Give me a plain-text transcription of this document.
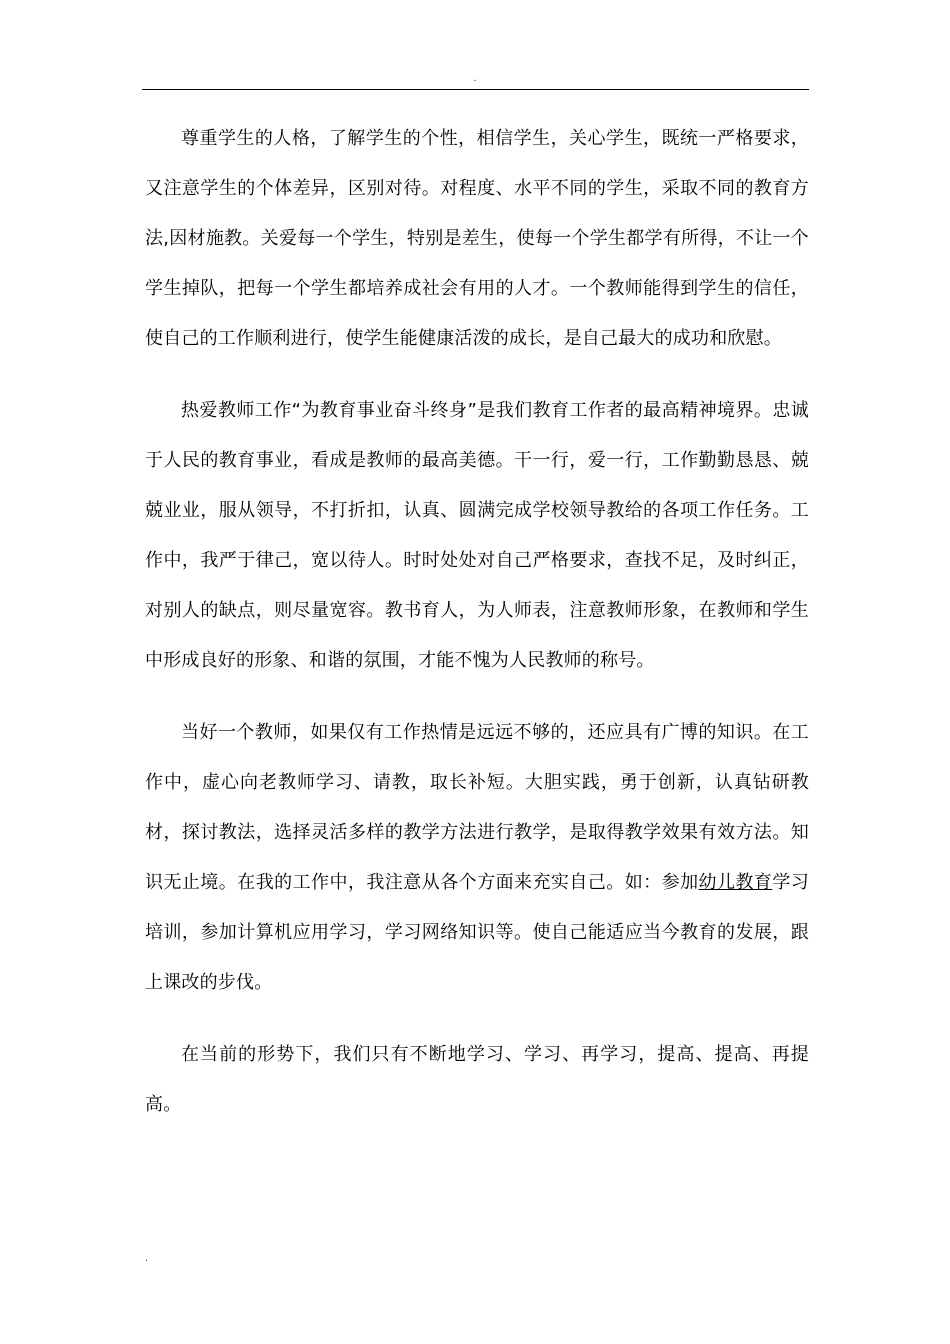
.

尊重学生的人格，了解学生的个性，相信学生，关心学生，既统一严格要求，又注意学生的个体差异，区别对待。对程度、水平不同的学生，采取不同的教育方法,因材施教。关爱每一个学生，特别是差生，使每一个学生都学有所得，不让一个学生掉队，把每一个学生都培养成社会有用的人才。一个教师能得到学生的信任，使自己的工作顺利进行，使学生能健康活泼的成长，是自己最大的成功和欣慰。

热爱教师工作“为教育事业奋斗终身”是我们教育工作者的最高精神境界。忠诚于人民的教育事业，看成是教师的最高美德。干一行，爱一行，工作勤勤恳恳、兢兢业业，服从领导，不打折扣，认真、圆满完成学校领导教给的各项工作任务。工作中，我严于律己，宽以待人。时时处处对自己严格要求，查找不足，及时纠正，对别人的缺点，则尽量宽容。教书育人，为人师表，注意教师形象，在教师和学生中形成良好的形象、和谐的氛围，才能不愧为人民教师的称号。

当好一个教师，如果仅有工作热情是远远不够的，还应具有广博的知识。在工作中，虚心向老教师学习、请教，取长补短。大胆实践，勇于创新，认真钻研教材，探讨教法，选择灵活多样的教学方法进行教学，是取得教学效果有效方法。知识无止境。在我的工作中，我注意从各个方面来充实自己。如：参加幼儿教育学习培训，参加计算机应用学习，学习网络知识等。使自己能适应当今教育的发展，跟上课改的步伐。

在当前的形势下，我们只有不断地学习、学习、再学习，提高、提高、再提高。

.
